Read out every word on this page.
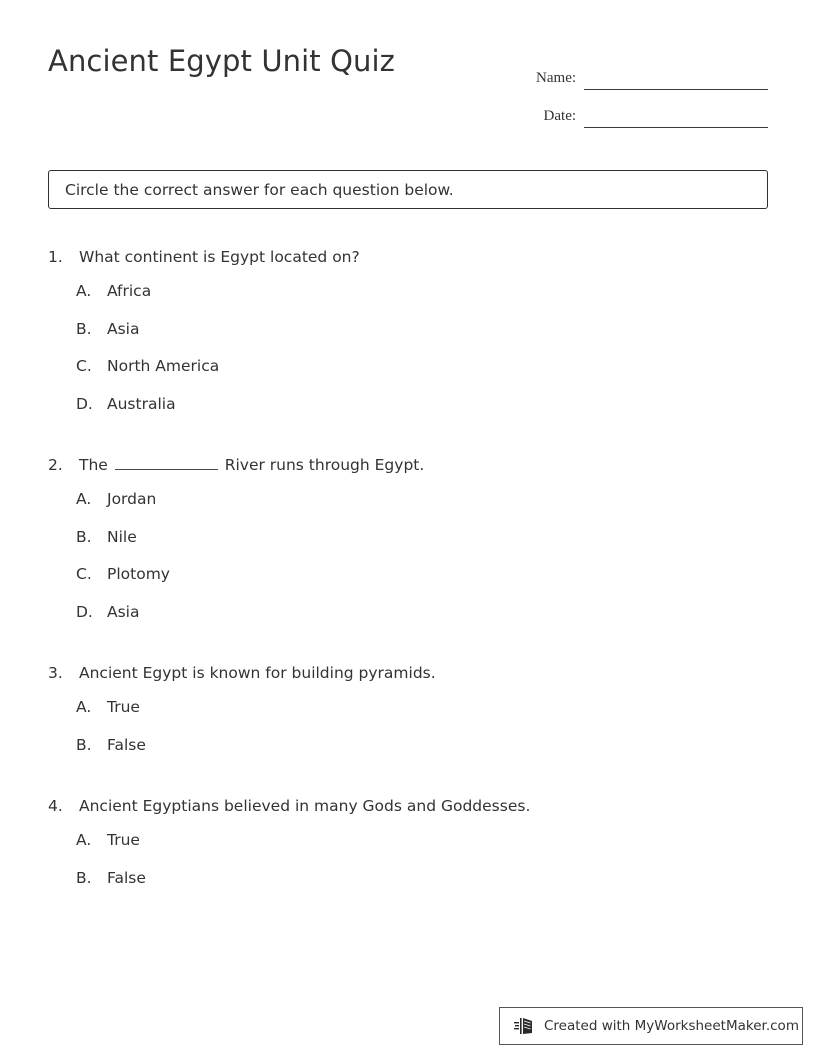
Ancient Egypt Unit Quiz	Name:
Date:
Circle the correct answer for each question below.
1.	What continent is Egypt located on?
A.	Africa
B. Asia
C. North America
D. Australia
2.	The	River runs through Egypt.
A.	Jordan
B. Nile
C. Plotomy
D. Asia
3.	Ancient Egypt is known for building pyramids.
A.	True
B. False
4.	Ancient Egyptians believed in many Gods and Goddesses.
A.	True
B. False
Created with MyWorksheetMaker.com
